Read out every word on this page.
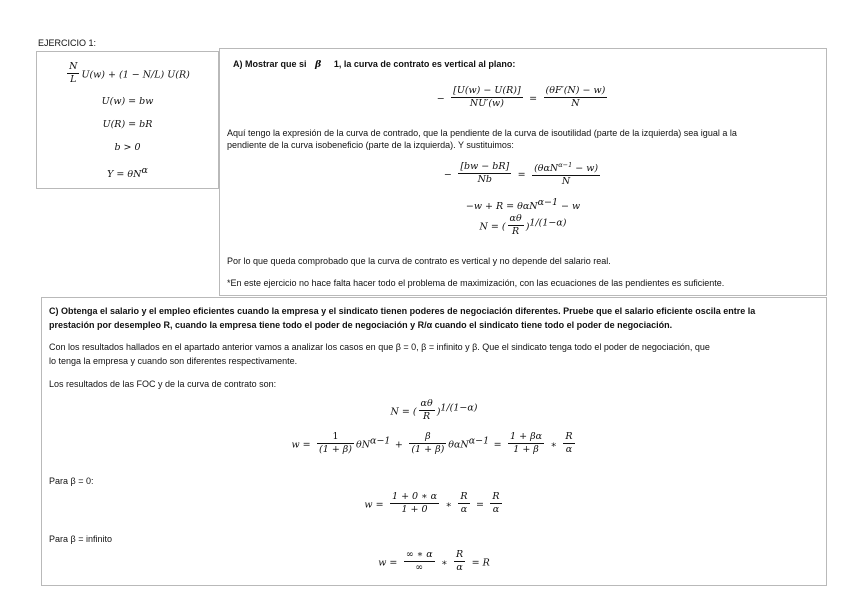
EJERCICIO 1:
$\frac{N}{L} U(w) + (1 - N/L)$ U(R)
U(w) = bw
U(R) = bR
b > 0
$Y = \theta N^\alpha$
A) Mostrar que si β 1, la curva de contrato es vertical al plano:
− $\frac{[U(w) - U(R)]}{NU'(w)} = \frac{(\theta F'(N) - w)}{N}$
Aquí tengo la expresión de la curva de contrado, que la pendiente de la curva de isoutilidad (parte de la izquierda) sea igual a la
pendiente de la curva isobeneficio (parte de la izquierda). Y sustituimos:
− $\frac{[bw - bR]}{Nb} = \frac{(\theta\alpha N^{\alpha-1} - w)}{N}$
−w + R = θαN$^{\alpha-1}$ − w
N = ( $\frac{\alpha\theta}{R} )^{1/(1-\alpha)}$
Por lo que queda comprobado que la curva de contrato es vertical y no depende del salario real.
*En este ejercicio no hace falta hacer todo el problema de maximización, con las ecuaciones de las pendientes es suficiente.
C) Obtenga el salario y el empleo eficientes cuando la empresa y el sindicato tienen poderes de negociación diferentes. Pruebe que el salario eficiente oscila entre la
prestación por desempleo R, cuando la empresa tiene todo el poder de negociación y R/α cuando el sindicato tiene todo el poder de negociación.
Con los resultados hallados en el apartado anterior vamos a analizar los casos en que β = 0, β = infinito y β. Que el sindicato tenga todo el poder de negociación, que
lo tenga la empresa y cuando son diferentes respectivamente.
Los resultados de las FOC y de la curva de contrato son:
N = ( $\frac{\alpha\theta}{R} )^{1/(1-\alpha)}$
$w = \frac{1}{(1 + \beta)} \theta N^{\alpha-1} + \frac{\beta}{(1 + \beta)} \theta\alpha N^{\alpha-1} = \frac{1 + \beta\alpha}{1 + \beta}$ ∗ $\frac{R}{\alpha}$
Para β = 0:
$w = \frac{1 + 0 ∗ \alpha}{1 + 0}$ ∗ $\frac{R}{\alpha} = \frac{R}{\alpha}$
Para β = infinito
$w = \frac{\infty ∗ \alpha}{\infty}$ ∗ $\frac{R}{\alpha} = R$
